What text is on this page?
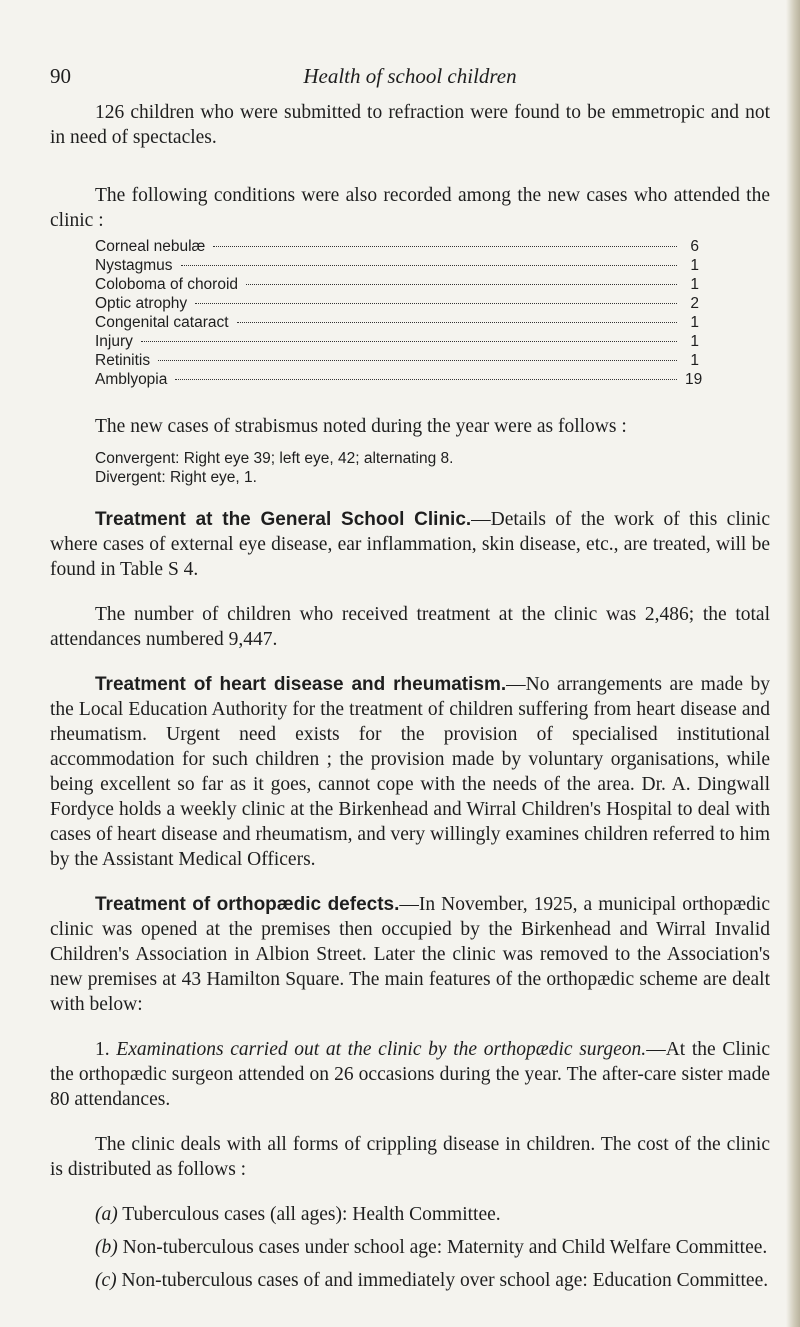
90	Health of school children

126 children who were submitted to refraction were found to be emmetropic and not in need of spectacles.

The following conditions were also recorded among the new cases who attended the clinic :

Corneal nebulæ	6
Nystagmus	1
Coloboma of choroid	1
Optic atrophy	2
Congenital cataract	1
Injury	1
Retinitis	1
Amblyopia	19

The new cases of strabismus noted during the year were as follows :

Convergent: Right eye 39; left eye, 42; alternating 8.
Divergent: Right eye, 1.

Treatment at the General School Clinic.—Details of the work of this clinic where cases of external eye disease, ear inflammation, skin disease, etc., are treated, will be found in Table S 4.

The number of children who received treatment at the clinic was 2,486; the total attendances numbered 9,447.

Treatment of heart disease and rheumatism.—No arrangements are made by the Local Education Authority for the treatment of children suffering from heart disease and rheumatism. Urgent need exists for the provision of specialised institutional accommodation for such children ; the provision made by voluntary organisations, while being excellent so far as it goes, cannot cope with the needs of the area. Dr. A. Dingwall Fordyce holds a weekly clinic at the Birkenhead and Wirral Children's Hospital to deal with cases of heart disease and rheumatism, and very willingly examines children referred to him by the Assistant Medical Officers.

Treatment of orthopædic defects.—In November, 1925, a municipal orthopædic clinic was opened at the premises then occupied by the Birkenhead and Wirral Invalid Children's Association in Albion Street. Later the clinic was removed to the Association's new premises at 43 Hamilton Square. The main features of the orthopædic scheme are dealt with below:

1. Examinations carried out at the clinic by the orthopædic surgeon.—At the Clinic the orthopædic surgeon attended on 26 occasions during the year. The after-care sister made 80 attendances.

The clinic deals with all forms of crippling disease in children. The cost of the clinic is distributed as follows :

(a) Tuberculous cases (all ages): Health Committee.

(b) Non-tuberculous cases under school age: Maternity and Child Welfare Committee.

(c) Non-tuberculous cases of and immediately over school age: Education Committee.
